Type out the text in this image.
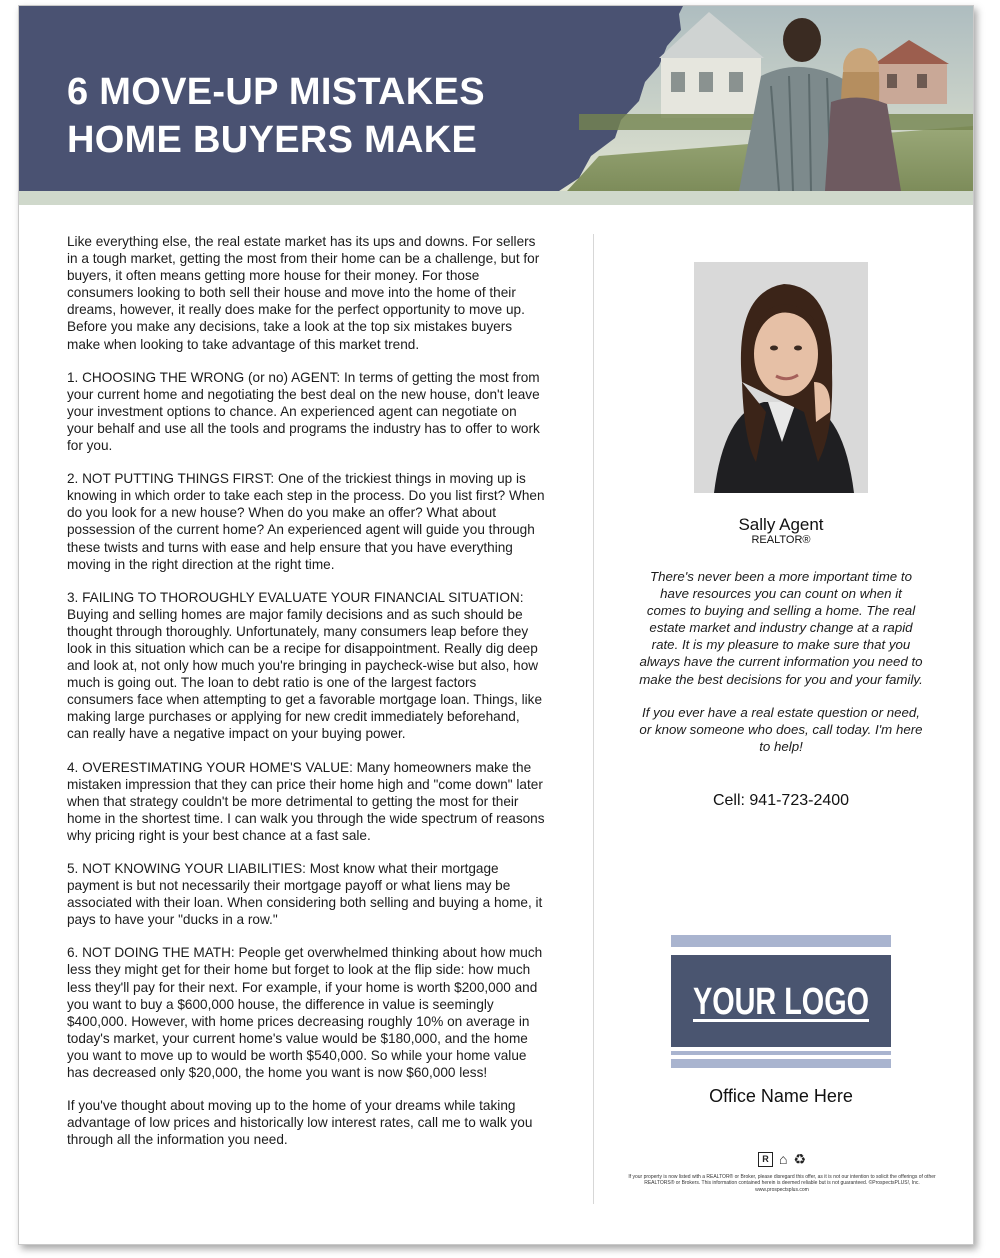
6 MOVE-UP MISTAKES
HOME BUYERS MAKE

Like everything else, the real estate market has its ups and downs. For sellers in a tough market, getting the most from their home can be a challenge, but for buyers, it often means getting more house for their money. For those consumers looking to both sell their house and move into the home of their dreams, however, it really does make for the perfect opportunity to move up. Before you make any decisions, take a look at the top six mistakes buyers make when looking to take advantage of this market trend.

1. CHOOSING THE WRONG (or no) AGENT: In terms of getting the most from your current home and negotiating the best deal on the new house, don't leave your investment options to chance. An experienced agent can negotiate on your behalf and use all the tools and programs the industry has to offer to work for you.

2. NOT PUTTING THINGS FIRST: One of the trickiest things in moving up is knowing in which order to take each step in the process. Do you list first? When do you look for a new house? When do you make an offer? What about possession of the current home? An experienced agent will guide you through these twists and turns with ease and help ensure that you have everything moving in the right direction at the right time.

3. FAILING TO THOROUGHLY EVALUATE YOUR FINANCIAL SITUATION: Buying and selling homes are major family decisions and as such should be thought through thoroughly. Unfortunately, many consumers leap before they look in this situation which can be a recipe for disappointment. Really dig deep and look at, not only how much you're bringing in paycheck-wise but also, how much is going out. The loan to debt ratio is one of the largest factors consumers face when attempting to get a favorable mortgage loan. Things, like making large purchases or applying for new credit immediately beforehand, can really have a negative impact on your buying power.

4. OVERESTIMATING YOUR HOME'S VALUE: Many homeowners make the mistaken impression that they can price their home high and "come down" later when that strategy couldn't be more detrimental to getting the most for their home in the shortest time. I can walk you through the wide spectrum of reasons why pricing right is your best chance at a fast sale.

5. NOT KNOWING YOUR LIABILITIES: Most know what their mortgage payment is but not necessarily their mortgage payoff or what liens may be associated with their loan. When considering both selling and buying a home, it pays to have your "ducks in a row."

6. NOT DOING THE MATH: People get overwhelmed thinking about how much less they might get for their home but forget to look at the flip side: how much less they'll pay for their next. For example, if your home is worth $200,000 and you want to buy a $600,000 house, the difference in value is seemingly $400,000. However, with home prices decreasing roughly 10% on average in today's market, your current home's value would be $180,000, and the home you want to move up to would be worth $540,000. So while your home value has decreased only $20,000, the home you want is now $60,000 less!

If you've thought about moving up to the home of your dreams while taking advantage of low prices and historically low interest rates, call me to walk you through all the information you need.

Sally Agent
REALTOR®

There's never been a more important time to have resources you can count on when it comes to buying and selling a home. The real estate market and industry change at a rapid rate. It is my pleasure to make sure that you always have the current information you need to make the best decisions for you and your family.

If you ever have a real estate question or need, or know someone who does, call today. I'm here to help!

Cell: 941-723-2400
YOUR LOGO
Office Name Here
R ⌂ ♻
If your property is now listed with a REALTOR® or Broker, please disregard this offer, as it is not our intention to solicit the offerings of other REALTORS® or Brokers. This information contained herein is deemed reliable but is not guaranteed. ©ProspectsPLUS!, Inc. www.prospectsplus.com
